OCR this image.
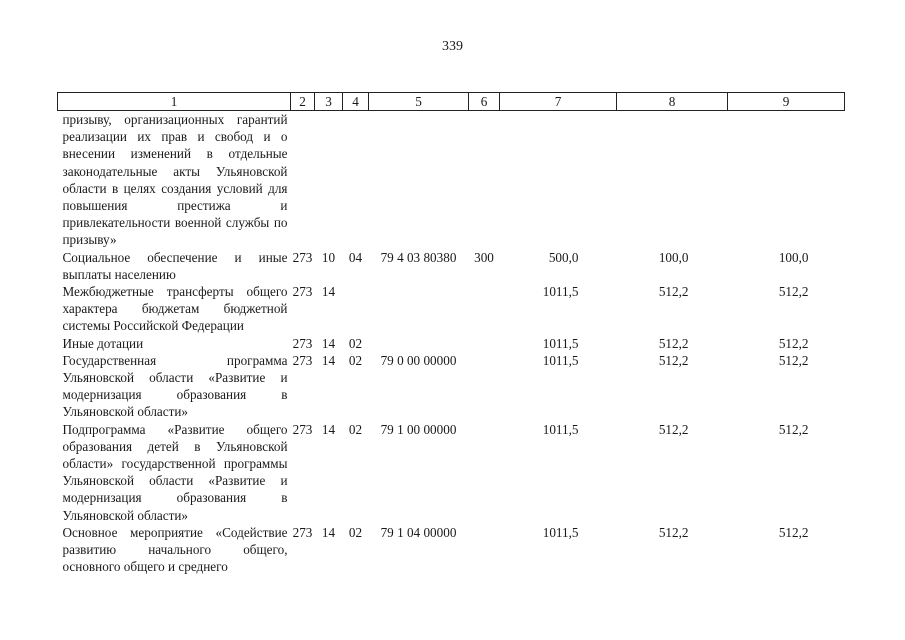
339
1	2	3	4	5	6	7	8	9
призыву, организационных гарантий реализации их прав и свобод и о внесении изменений в отдельные законодательные акты Ульяновской области в целях создания условий для повышения престижа и привлекательности военной службы по призыву»								
Социальное обеспечение и иные выплаты населению	273	10	04	79 4 03 80380	300	500,0	100,0	100,0
Межбюджетные трансферты общего характера бюджетам бюджетной системы Российской Федерации	273	14				1011,5	512,2	512,2
Иные дотации	273	14	02			1011,5	512,2	512,2
Государственная программа Ульяновской области «Развитие и модернизация образования в Ульяновской области»	273	14	02	79 0 00 00000		1011,5	512,2	512,2
Подпрограмма «Развитие общего образования детей в Ульяновской области» государственной программы Ульяновской области «Развитие и модернизация образования в Ульяновской области»	273	14	02	79 1 00 00000		1011,5	512,2	512,2
Основное мероприятие «Содействие развитию начального общего, основного общего и среднего	273	14	02	79 1 04 00000		1011,5	512,2	512,2
